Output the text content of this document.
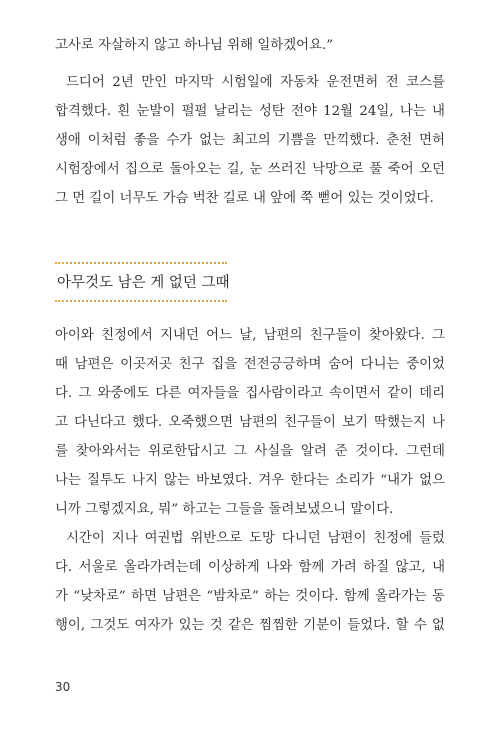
고사로 자살하지 않고 하나님 위해 일하겠어요.”
드디어 2년 만인 마지막 시험일에 자동차 운전면허 전 코스를
합격했다. 흰 눈발이 펄펄 날리는 성탄 전야 12월 24일, 나는 내
생애 이처럼 좋을 수가 없는 최고의 기쁨을 만끽했다. 춘천 면허
시험장에서 집으로 돌아오는 길, 눈 쓰러진 낙망으로 풀 죽어 오던
그 먼 길이 너무도 가슴 벅찬 길로 내 앞에 쭉 뻗어 있는 것이었다.
아무것도 남은 게 없던 그때
아이와 친정에서 지내던 어느 날, 남편의 친구들이 찾아왔다. 그
때 남편은 이곳저곳 친구 집을 전전긍긍하며 숨어 다니는 중이었
다. 그 와중에도 다른 여자들을 집사람이라고 속이면서 같이 데리
고 다닌다고 했다. 오죽했으면 남편의 친구들이 보기 딱했는지 나
를 찾아와서는 위로한답시고 그 사실을 알려 준 것이다. 그런데
나는 질투도 나지 않는 바보였다. 겨우 한다는 소리가 “내가 없으
니까 그렇겠지요, 뭐” 하고는 그들을 돌려보냈으니 말이다.
시간이 지나 여권법 위반으로 도망 다니던 남편이 친정에 들렀
다. 서울로 올라가려는데 이상하게 나와 함께 가려 하질 않고, 내
가 “낮차로” 하면 남편은 “밤차로” 하는 것이다. 함께 올라가는 동
행이, 그것도 여자가 있는 것 같은 찜찜한 기분이 들었다. 할 수 없
30
